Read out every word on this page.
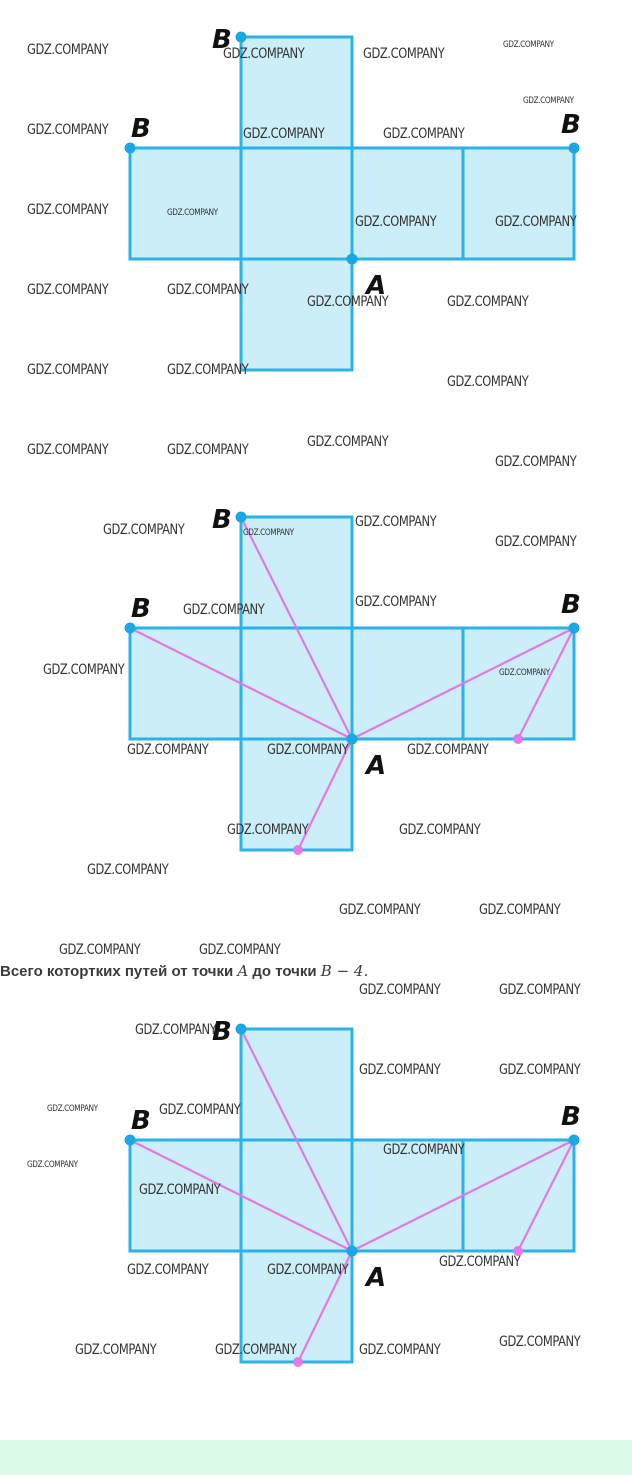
B
B	B
A
B
B	B
A
Всего котортких путей от точки A до точки B − 4.
B
B	B
A
GDZ.COMPANY	GDZ.COMPANY	GDZ.COMPANY
GDZ.COMPANY
GDZ.COMPANY
GDZ.COMPANY	GDZ.COMPANY	GDZ.COMPANY
GDZ.COMPANY	GDZ.COMPANY
GDZ.COMPANY	GDZ.COMPANY
GDZ.COMPANY	GDZ.COMPANY
GDZ.COMPANY	GDZ.COMPANY
GDZ.COMPANY	GDZ.COMPANY
GDZ.COMPANY
GDZ.COMPANY	GDZ.COMPANY	GDZ.COMPANY
GDZ.COMPANY
GDZ.COMPANY	GDZ.COMPANY
GDZ.COMPANY
GDZ.COMPANY
GDZ.COMPANY	GDZ.COMPANY
GDZ.COMPANY	GDZ.COMPANY
GDZ.COMPANY	GDZ.COMPANY	GDZ.COMPANY
GDZ.COMPANY	GDZ.COMPANY
GDZ.COMPANY
GDZ.COMPANY	GDZ.COMPANY
GDZ.COMPANY	GDZ.COMPANY
GDZ.COMPANY	GDZ.COMPANY
GDZ.COMPANY
GDZ.COMPANY	GDZ.COMPANY
GDZ.COMPANY	GDZ.COMPANY
GDZ.COMPANY
GDZ.COMPANY
GDZ.COMPANY
GDZ.COMPANY	GDZ.COMPANY	GDZ.COMPANY
GDZ.COMPANY	GDZ.COMPANY	GDZ.COMPANY	GDZ.COMPANY
